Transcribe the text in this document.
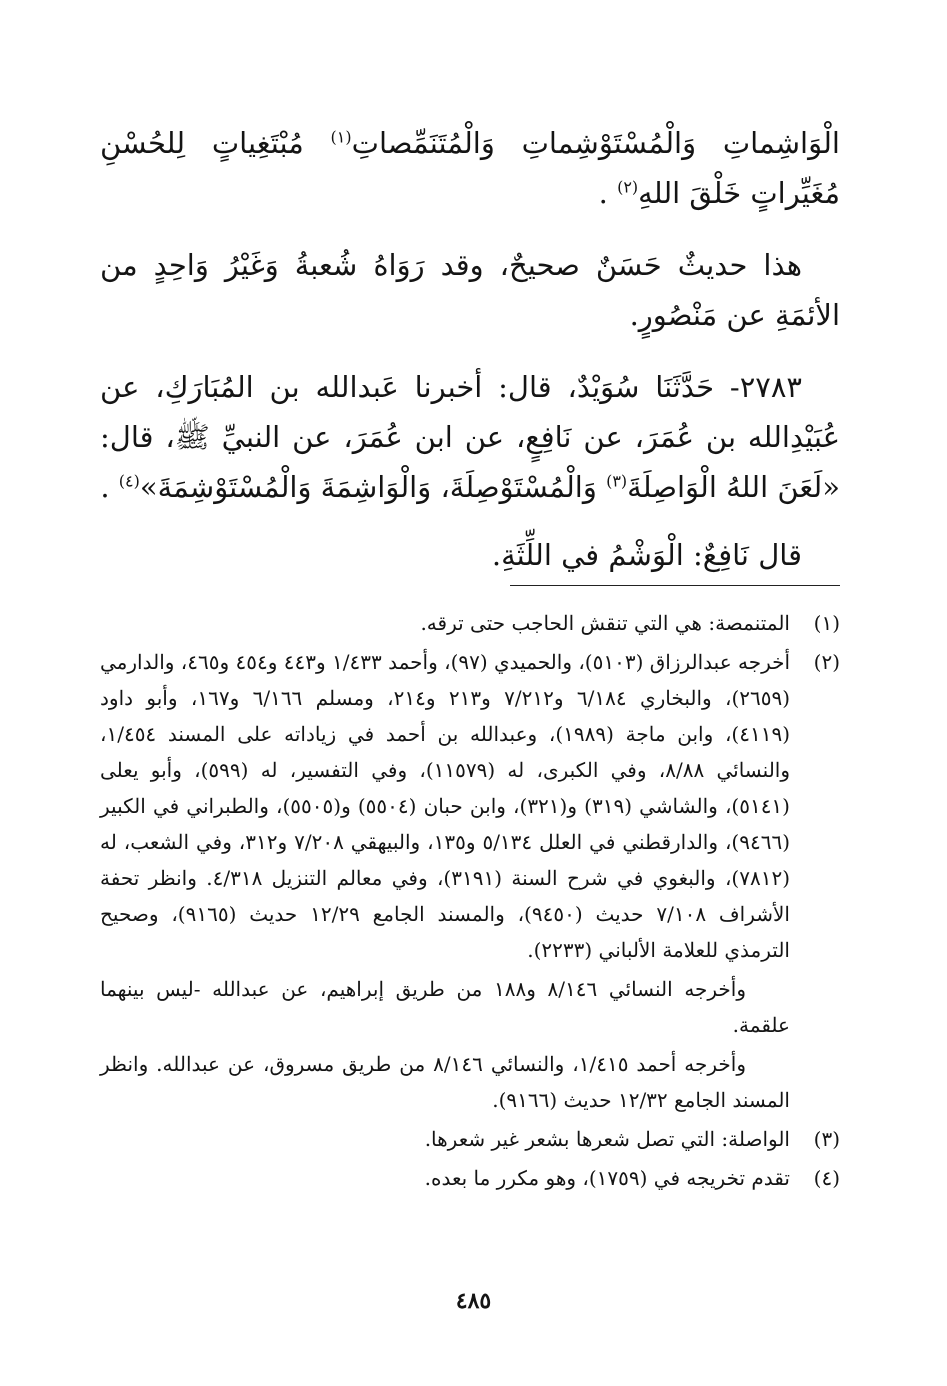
الْوَاشِماتِ وَالْمُسْتَوْشِماتِ وَالْمُتَنَمِّصاتِ$^{(١)}$ مُبْتَغِياتٍ لِلحُسْنِ مُغَيِّراتٍ خَلْقَ اللهِ$^{(٢)}$ .

هذا حديثٌ حَسَنٌ صحيحٌ، وقد رَوَاهُ شُعبةُ وَغَيْرُ وَاحِدٍ من الأئمَةِ عن مَنْصُورٍ.

٢٧٨٣- حَدَّثَنَا سُوَيْدٌ، قال: أخبرنا عَبدالله بن المُبَارَكِ، عن عُبَيْدِالله بن عُمَرَ، عن نَافِعٍ، عن ابن عُمَرَ، عن النبيِّ ﷺ، قال: «لَعَنَ اللهُ الْوَاصِلَةَ$^{(٣)}$ وَالْمُسْتَوْصِلَةَ، وَالْوَاشِمَةَ وَالْمُسْتَوْشِمَةَ»$^{(٤)}$ .

قال نَافِعٌ: الْوَشْمُ في اللِّثَةِ.

(١)
المتنمصة: هي التي تنقش الحاجب حتى ترقه.
(٢)
أخرجه عبدالرزاق (٥١٠٣)، والحميدي (٩٧)، وأحمد ١/٤٣٣ و٤٤٣ و٤٥٤ و٤٦٥، والدارمي (٢٦٥٩)، والبخاري ٦/١٨٤ و٧/٢١٢ و٢١٣ و٢١٤، ومسلم ٦/١٦٦ و١٦٧، وأبو داود (٤١١٩)، وابن ماجة (١٩٨٩)، وعبدالله بن أحمد في زياداته على المسند ١/٤٥٤، والنسائي ٨/٨٨، وفي الكبرى، له (١١٥٧٩)، وفي التفسير، له (٥٩٩)، وأبو يعلى (٥١٤١)، والشاشي (٣١٩) و(٣٢١)، وابن حبان (٥٥٠٤) و(٥٥٠٥)، والطبراني في الكبير (٩٤٦٦)، والدارقطني في العلل ٥/١٣٤ و١٣٥، والبيهقي ٧/٢٠٨ و٣١٢، وفي الشعب، له (٧٨١٢)، والبغوي في شرح السنة (٣١٩١)، وفي معالم التنزيل ٤/٣١٨. وانظر تحفة الأشراف ٧/١٠٨ حديث (٩٤٥٠)، والمسند الجامع ١٢/٢٩ حديث (٩١٦٥)، وصحيح الترمذي للعلامة الألباني (٢٢٣٣).
وأخرجه النسائي ٨/١٤٦ و١٨٨ من طريق إبراهيم، عن عبدالله -ليس بينهما علقمة.
وأخرجه أحمد ١/٤١٥، والنسائي ٨/١٤٦ من طريق مسروق، عن عبدالله. وانظر المسند الجامع ١٢/٣٢ حديث (٩١٦٦).
(٣)
الواصلة: التي تصل شعرها بشعر غير شعرها.
(٤)
تقدم تخريجه في (١٧٥٩)، وهو مكرر ما بعده.
٤٨٥
